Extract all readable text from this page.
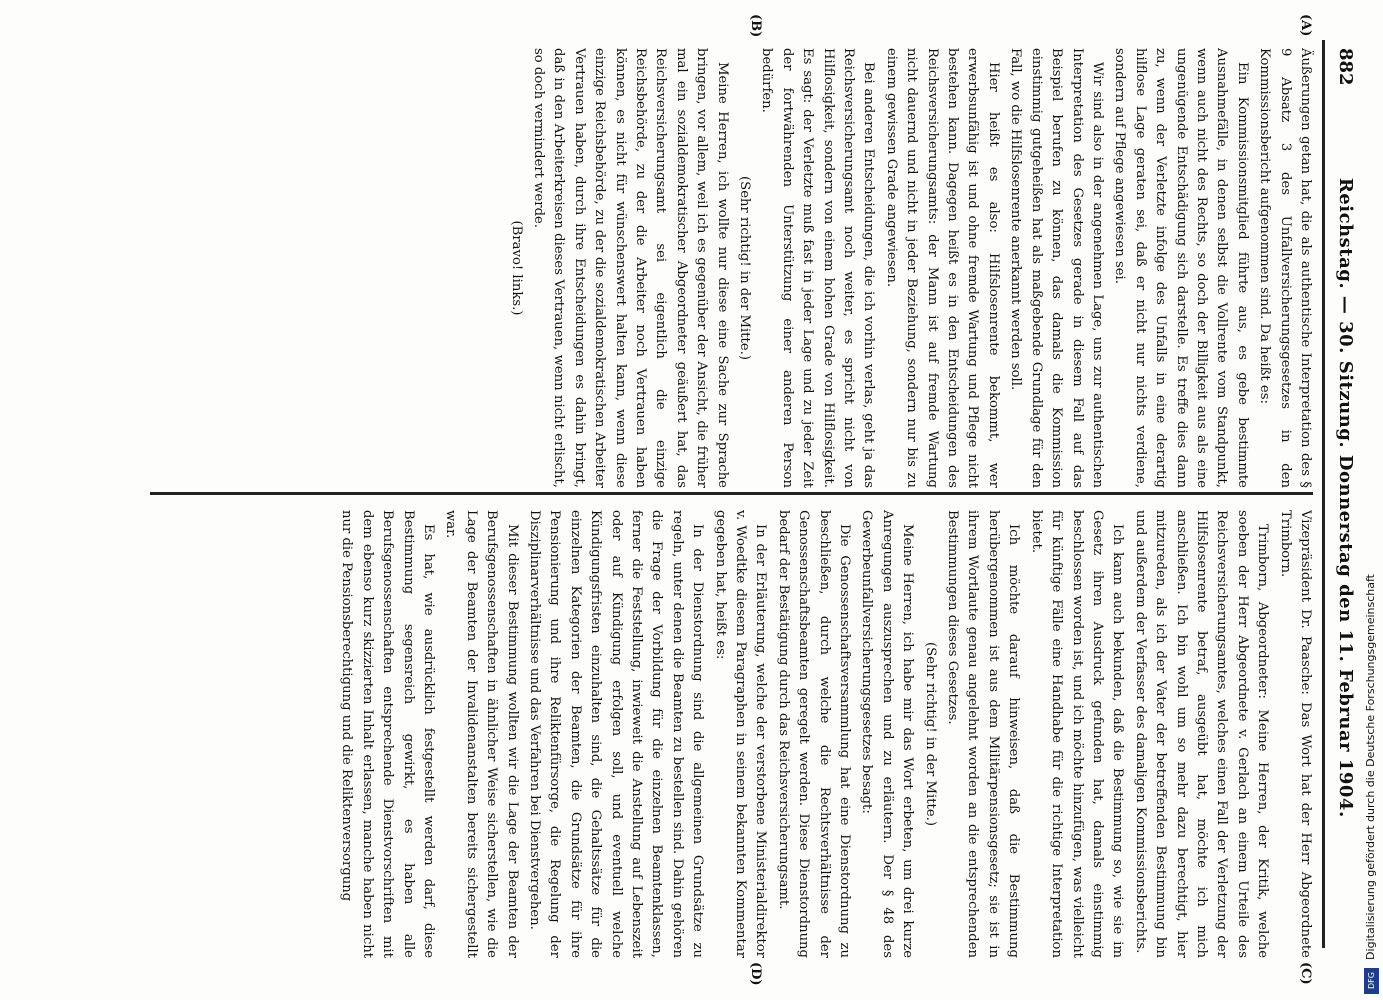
882
Reichstag. — 30. Sitzung. Donnerstag den 11. Februar 1904.
(A)
(B)
(C)
(D)

Äußerungen getan hat, die als authentische Interpretation des § 9 Absatz 3 des Unfallversicherungsgesetzes in den Kommissionsbericht aufgenommen sind. Da heißt es:

Ein Kommissionsmitglied führte aus, es gebe bestimmte Ausnahmefälle, in denen selbst die Vollrente vom Standpunkt, wenn auch nicht des Rechts, so doch der Billigkeit aus als eine ungenügende Entschädigung sich darstelle. Es treffe dies dann zu, wenn der Verletzte infolge des Unfalls in eine derartig hilflose Lage geraten sei, daß er nicht nur nichts verdiene, sondern auf Pflege angewiesen sei.

Wir sind also in der angenehmen Lage, uns zur authentischen Interpretation des Gesetzes gerade in diesem Fall auf das Beispiel berufen zu können, das damals die Kommission einstimmig gutgeheißen hat als maßgebende Grundlage für den Fall, wo die Hilfslosenrente anerkannt werden soll.

Hier heißt es also: Hilfslosenrente bekommt, wer erwerbsunfähig ist und ohne fremde Wartung und Pflege nicht bestehen kann. Dagegen heißt es in den Entscheidungen des Reichsversicherungsamts: der Mann ist auf fremde Wartung nicht dauernd und nicht in jeder Beziehung, sondern nur bis zu einem gewissen Grade angewiesen.

Bei anderen Entscheidungen, die ich vorhin verlas, geht ja das Reichsversicherungsamt noch weiter, es spricht nicht von Hilflosigkeit, sondern von einem hohen Grade von Hilflosigkeit. Es sagt: der Verletzte muß fast in jeder Lage und zu jeder Zeit der fortwährenden Unterstützung einer anderen Person bedürfen.

(Sehr richtig! in der Mitte.)

Meine Herren, ich wollte nur diese eine Sache zur Sprache bringen, vor allem, weil ich es gegenüber der Ansicht, die früher mal ein sozialdemokratischer Abgeordneter geäußert hat, das Reichsversicherungsamt sei eigentlich die einzige Reichsbehörde, zu der die Arbeiter noch Vertrauen haben können, es nicht für wünschenswert halten kann, wenn diese einzige Reichsbehörde, zu der die sozialdemokratischen Arbeiter Vertrauen haben, durch ihre Entscheidungen es dahin bringt, daß in den Arbeiterkreisen dieses Vertrauen, wenn nicht erlischt, so doch vermindert werde.

(Bravo! links.)

Vizepräsident Dr. Paasche: Das Wort hat der Herr Abgeordnete Trimborn.

Trimborn, Abgeordneter: Meine Herren, der Kritik, welche soeben der Herr Abgeordnete v. Gerlach an einem Urteile des Reichsversicherungsamtes, welches einen Fall der Verletzung der Hilfslosenrente betraf, ausgeübt hat, möchte ich mich anschließen. Ich bin wohl um so mehr dazu berechtigt, hier mitzureden, als ich der Vater der betreffenden Bestimmung bin und außerdem der Verfasser des damaligen Kommissionsberichts.

Ich kann auch bekunden, daß die Bestimmung so, wie sie im Gesetz ihren Ausdruck gefunden hat, damals einstimmig beschlossen worden ist, und ich möchte hinzufügen, was vielleicht für künftige Fälle eine Handhabe für die richtige Interpretation bietet.

Ich möchte darauf hinweisen, daß die Bestimmung herübergenommen ist aus dem Militärpensionsgesetz; sie ist in ihrem Wortlaute genau angelehnt worden an die entsprechenden Bestimmungen dieses Gesetzes.

(Sehr richtig! in der Mitte.)

Meine Herren, ich habe mir das Wort erbeten, um drei kurze Anregungen auszusprechen und zu erläutern. Der § 48 des Gewerbeunfallversicherungsgesetzes besagt:

Die Genossenschaftsversammlung hat eine Dienstordnung zu beschließen, durch welche die Rechtsverhältnisse der Genossenschaftsbeamten geregelt werden. Diese Dienstordnung bedarf der Bestätigung durch das Reichsversicherungsamt.

In der Erläuterung, welche der verstorbene Ministerialdirektor v. Woedtke diesem Paragraphen in seinem bekannten Kommentar gegeben hat, heißt es:

In der Dienstordnung sind die allgemeinen Grundsätze zu regeln, unter denen die Beamten zu bestellen sind. Dahin gehören die Frage der Vorbildung für die einzelnen Beamtenklassen, ferner die Feststellung, inwieweit die Anstellung auf Lebenszeit oder auf Kündigung erfolgen soll, und eventuell welche Kündigungsfristen einzuhalten sind, die Gehaltssätze für die einzelnen Kategorien der Beamten, die Grundsätze für ihre Pensionierung und ihre Reliktenfürsorge, die Regelung der Disziplinarverhältnisse und das Verfahren bei Dienstvergehen.

Mit dieser Bestimmung wollten wir die Lage der Beamten der Berufsgenossenschaften in ähnlicher Weise sicherstellen, wie die Lage der Beamten der Invalidenanstalten bereits sichergestellt war.

Es hat, wie ausdrücklich festgestellt werden darf, diese Bestimmung segensreich gewirkt, es haben alle Berufsgenossenschaften entsprechende Dienstvorschriften mit dem ebenso kurz skizzierten Inhalt erlassen, manche haben nicht nur die Pensionsberechtigung und die Reliktenversorgung	Digitalisierung gefördert durch die Deutsche Forschungsgemeinschaft
DFG
